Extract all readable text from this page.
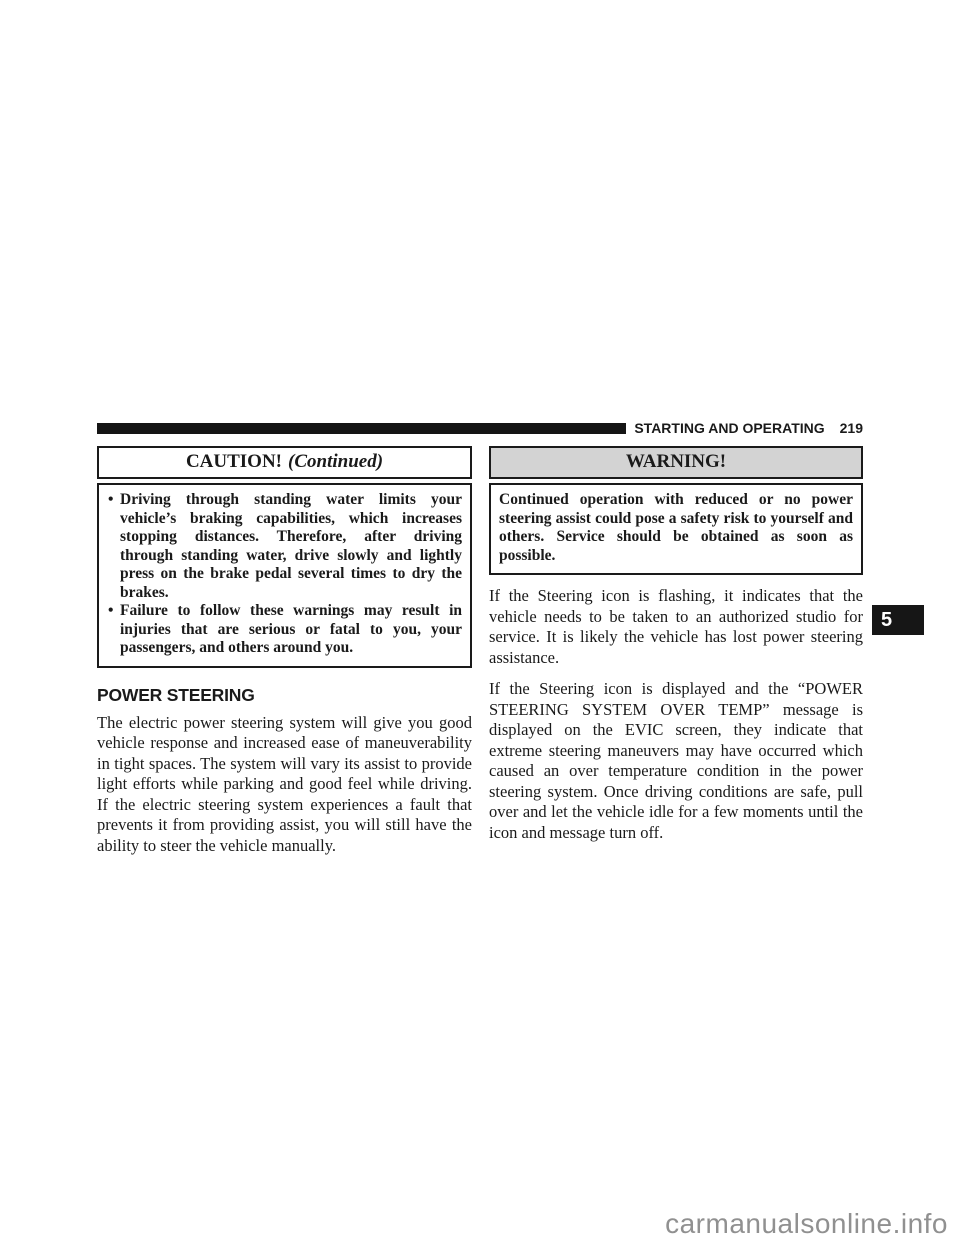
STARTING AND OPERATING 219
CAUTION! (Continued)
• Driving through standing water limits your vehicle’s braking capabilities, which increases stopping distances. Therefore, after driving through standing water, drive slowly and lightly press on the brake pedal several times to dry the brakes.
• Failure to follow these warnings may result in injuries that are serious or fatal to you, your passengers, and others around you.
POWER STEERING

The electric power steering system will give you good vehicle response and increased ease of maneuverability in tight spaces. The system will vary its assist to provide light efforts while parking and good feel while driving. If the electric steering system experiences a fault that prevents it from providing assist, you will still have the ability to steer the vehicle manually.

WARNING!
Continued operation with reduced or no power steering assist could pose a safety risk to yourself and others. Service should be obtained as soon as possible.

If the Steering icon is flashing, it indicates that the vehicle needs to be taken to an authorized studio for service. It is likely the vehicle has lost power steering assistance.

If the Steering icon is displayed and the “POWER STEERING SYSTEM OVER TEMP” message is displayed on the EVIC screen, they indicate that extreme steering maneuvers may have occurred which caused an over temperature condition in the power steering system. Once driving conditions are safe, pull over and let the vehicle idle for a few moments until the icon and message turn off.

5
carmanualsonline.info
